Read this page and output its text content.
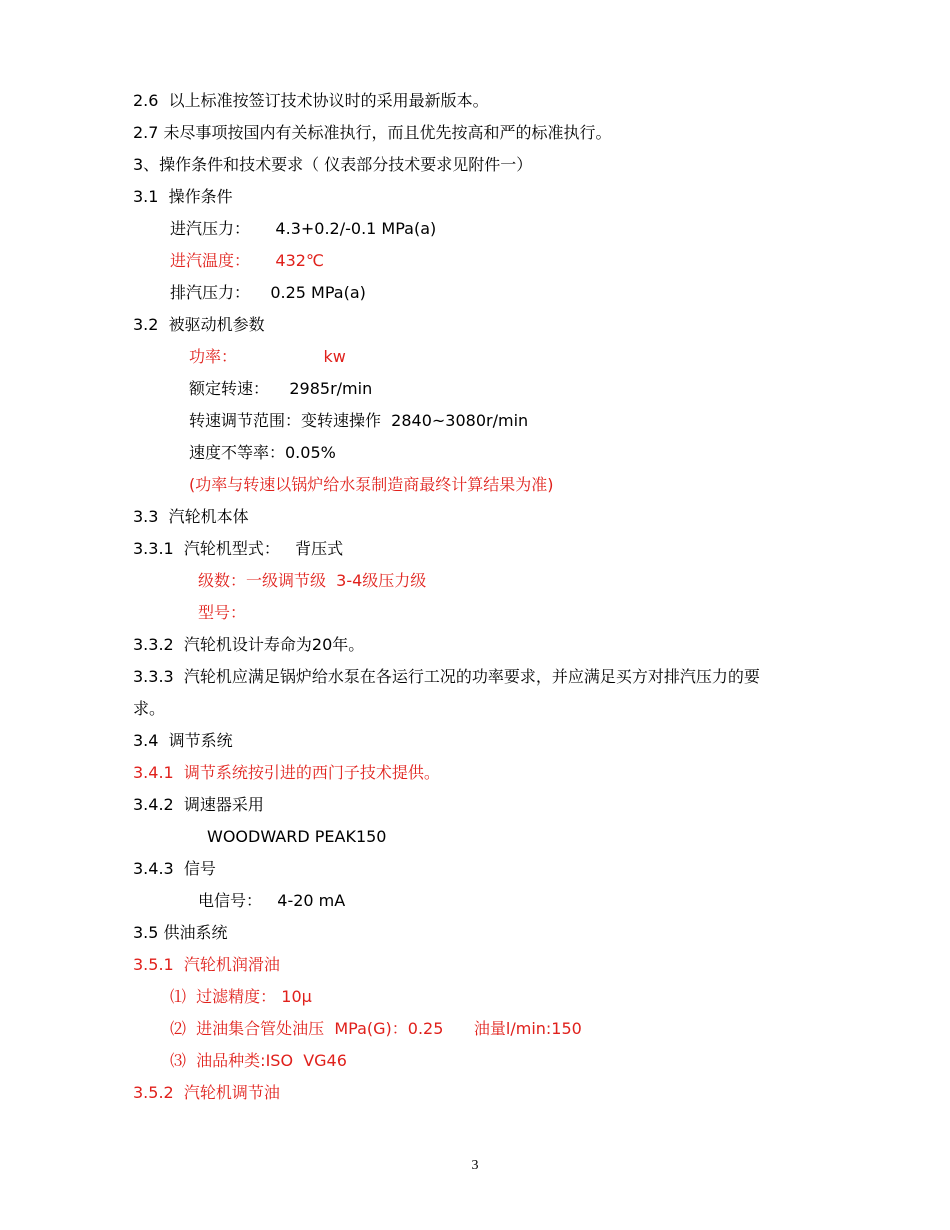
2.6  以上标准按签订技术协议时的采用最新版本。
2.7 未尽事项按国内有关标准执行，而且优先按高和严的标准执行。
3、操作条件和技术要求（ 仪表部分技术要求见附件一）
3.1  操作条件
进汽压力：     4.3+0.2/-0.1 MPa(a)
进汽温度：     432℃
排汽压力：    0.25 MPa(a)
3.2  被驱动机参数
功率：                 kw
额定转速：    2985r/min
转速调节范围：变转速操作  2840~3080r/min
速度不等率：0.05%
(功率与转速以锅炉给水泵制造商最终计算结果为准)
3.3  汽轮机本体
3.3.1  汽轮机型式：   背压式
级数：一级调节级  3-4级压力级
型号：
3.3.2  汽轮机设计寿命为20年。
3.3.3  汽轮机应满足锅炉给水泵在各运行工况的功率要求，并应满足买方对排汽压力的要
求。
3.4  调节系统
3.4.1  调节系统按引进的西门子技术提供。
3.4.2  调速器采用
WOODWARD PEAK150
3.4.3  信号
电信号：   4-20 mA
3.5 供油系统
3.5.1  汽轮机润滑油
⑴  过滤精度： 10μ
⑵  进油集合管处油压  MPa(G)：0.25      油量l/min:150
⑶  油品种类:ISO  VG46
3.5.2  汽轮机调节油
3
